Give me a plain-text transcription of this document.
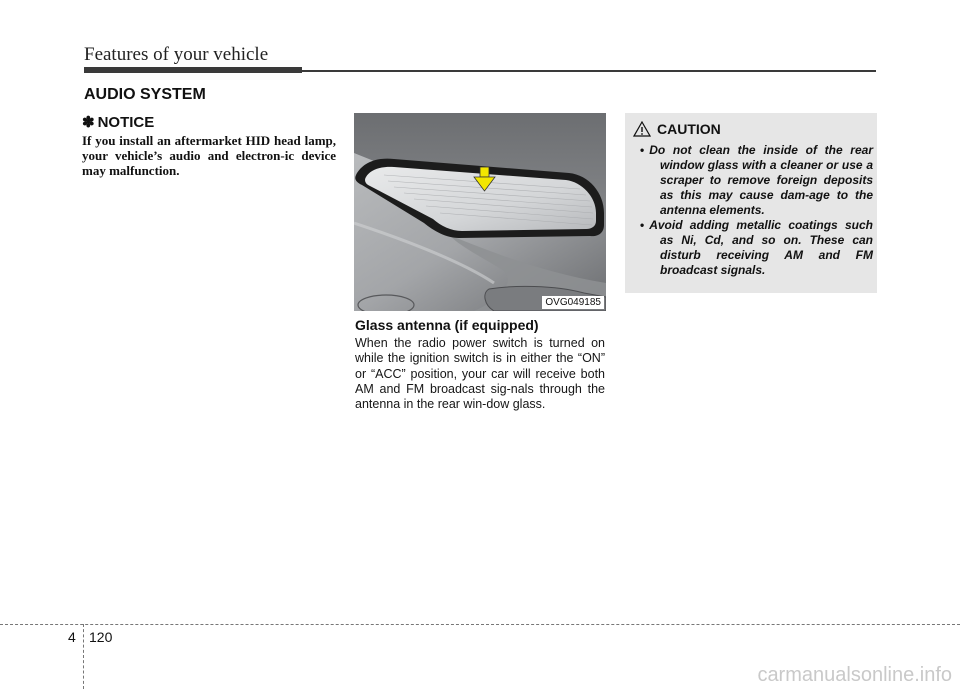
Features of your vehicle
AUDIO SYSTEM
✽ NOTICE

If you install an aftermarket HID head lamp, your vehicle’s audio and electron-ic device may malfunction.

OVG049185
Glass antenna (if equipped)

When the radio power switch is turned on while the ignition switch is in either the “ON” or “ACC” position, your car will receive both AM and FM broadcast sig-nals through the antenna in the rear win-dow glass.

CAUTION
• Do not clean the inside of the rear window glass with a cleaner or use a scraper to remove foreign deposits as this may cause dam-age to the antenna elements.
• Avoid adding metallic coatings such as Ni, Cd, and so on. These can disturb receiving AM and FM broadcast signals.
4 120
carmanualsonline.info
